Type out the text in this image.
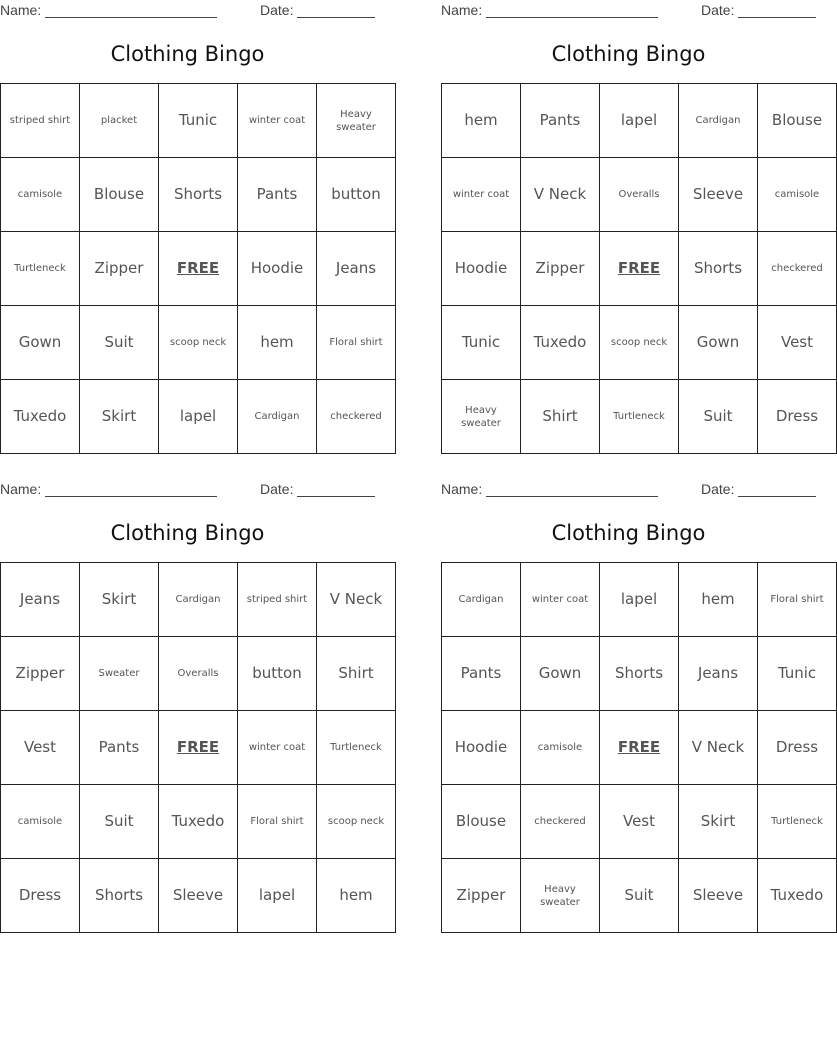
Name:	Date:
Clothing Bingo
striped shirt	placket	Tunic	winter coat	Heavy sweater
camisole	Blouse	Shorts	Pants	button
Turtleneck	Zipper	FREE	Hoodie	Jeans
Gown	Suit	scoop neck	hem	Floral shirt
Tuxedo	Skirt	lapel	Cardigan	checkered
Name:	Date:
Clothing Bingo
hem	Pants	lapel	Cardigan	Blouse
winter coat	V Neck	Overalls	Sleeve	camisole
Hoodie	Zipper	FREE	Shorts	checkered
Tunic	Tuxedo	scoop neck	Gown	Vest
Heavy sweater	Shirt	Turtleneck	Suit	Dress
Name:	Date:
Clothing Bingo
Jeans	Skirt	Cardigan	striped shirt	V Neck
Zipper	Sweater	Overalls	button	Shirt
Vest	Pants	FREE	winter coat	Turtleneck
camisole	Suit	Tuxedo	Floral shirt	scoop neck
Dress	Shorts	Sleeve	lapel	hem
Name:	Date:
Clothing Bingo
Cardigan	winter coat	lapel	hem	Floral shirt
Pants	Gown	Shorts	Jeans	Tunic
Hoodie	camisole	FREE	V Neck	Dress
Blouse	checkered	Vest	Skirt	Turtleneck
Zipper	Heavy sweater	Suit	Sleeve	Tuxedo
